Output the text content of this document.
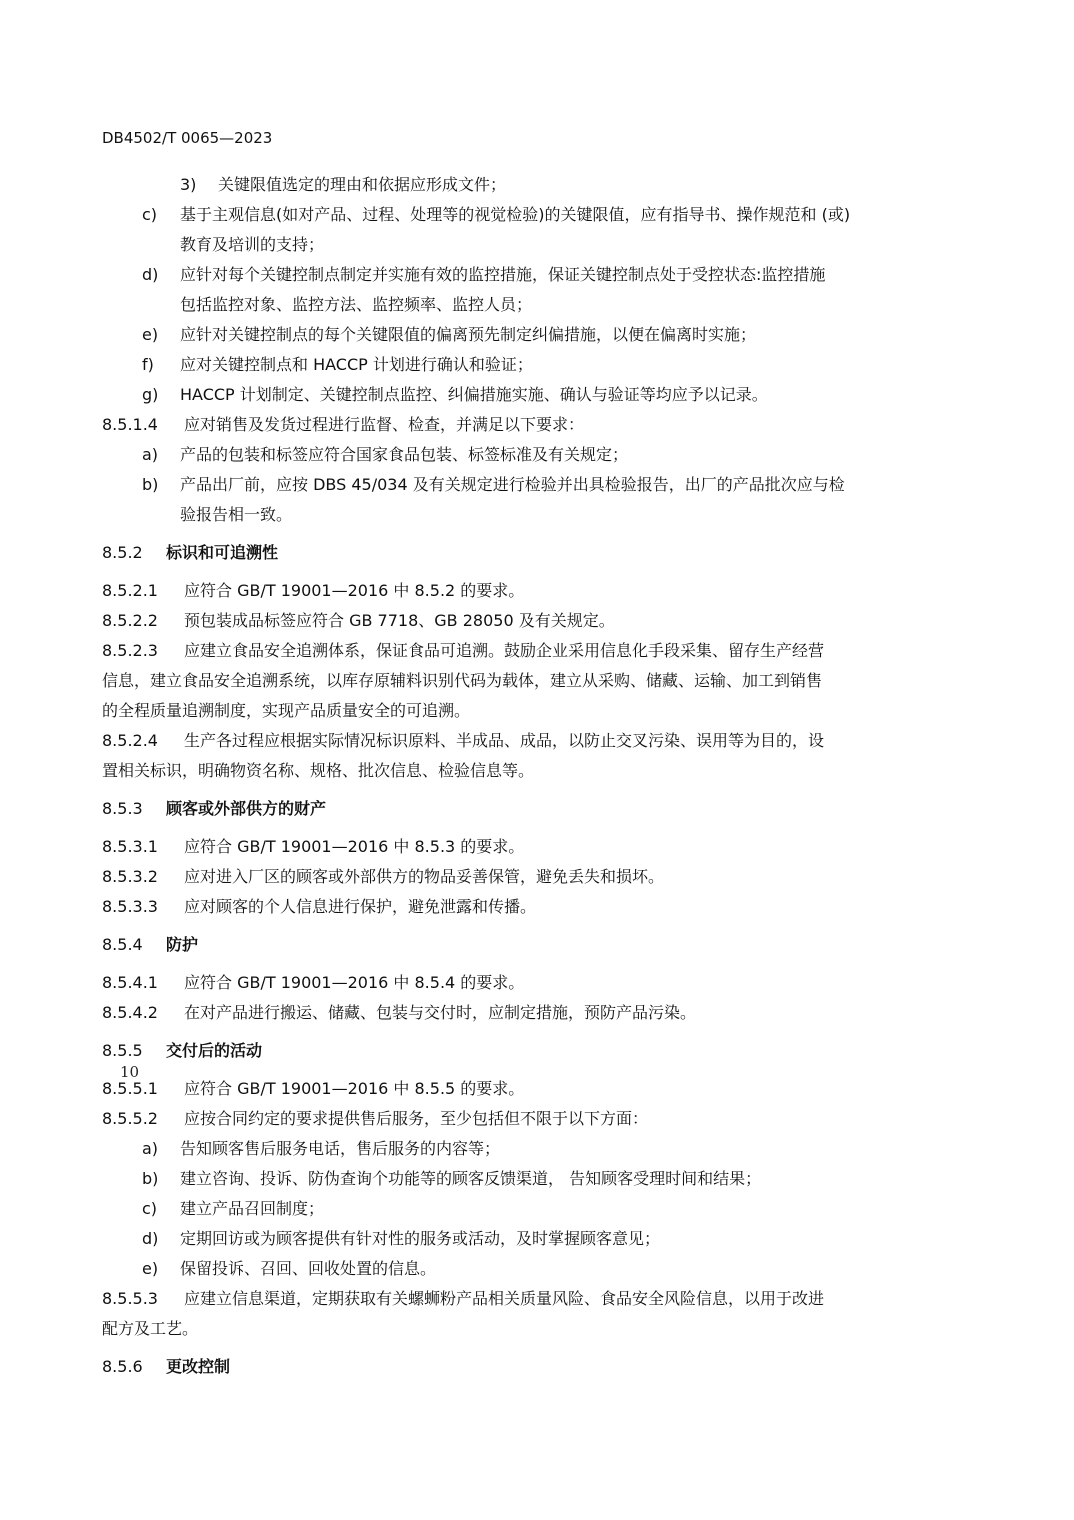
DB4502/T 0065—2023
3) 关键限值选定的理由和依据应形成文件；
c) 基于主观信息(如对产品、过程、处理等的视觉检验)的关键限值，应有指导书、操作规范和 (或)
教育及培训的支持；
d) 应针对每个关键控制点制定并实施有效的监控措施，保证关键控制点处于受控状态:监控措施
包括监控对象、监控方法、监控频率、监控人员；
e) 应针对关键控制点的每个关键限值的偏离预先制定纠偏措施，以便在偏离时实施；
f) 应对关键控制点和 HACCP 计划进行确认和验证；
g) HACCP 计划制定、关键控制点监控、纠偏措施实施、确认与验证等均应予以记录。
8.5.1.4 应对销售及发货过程进行监督、检查，并满足以下要求：
a) 产品的包装和标签应符合国家食品包装、标签标准及有关规定；
b) 产品出厂前，应按 DBS 45/034 及有关规定进行检验并出具检验报告，出厂的产品批次应与检
验报告相一致。
8.5.2 标识和可追溯性
8.5.2.1 应符合 GB/T 19001—2016 中 8.5.2 的要求。
8.5.2.2 预包装成品标签应符合 GB 7718、GB 28050 及有关规定。
8.5.2.3 应建立食品安全追溯体系，保证食品可追溯。鼓励企业采用信息化手段采集、留存生产经营
信息，建立食品安全追溯系统，以库存原辅料识别代码为载体，建立从采购、储藏、运输、加工到销售
的全程质量追溯制度，实现产品质量安全的可追溯。
8.5.2.4 生产各过程应根据实际情况标识原料、半成品、成品，以防止交叉污染、误用等为目的，设
置相关标识，明确物资名称、规格、批次信息、检验信息等。
8.5.3 顾客或外部供方的财产
8.5.3.1 应符合 GB/T 19001—2016 中 8.5.3 的要求。
8.5.3.2 应对进入厂区的顾客或外部供方的物品妥善保管，避免丢失和损坏。
8.5.3.3 应对顾客的个人信息进行保护，避免泄露和传播。
8.5.4 防护
8.5.4.1 应符合 GB/T 19001—2016 中 8.5.4 的要求。
8.5.4.2 在对产品进行搬运、储藏、包装与交付时，应制定措施，预防产品污染。
8.5.5 交付后的活动
8.5.5.1 应符合 GB/T 19001—2016 中 8.5.5 的要求。
8.5.5.2 应按合同约定的要求提供售后服务，至少包括但不限于以下方面：
a) 告知顾客售后服务电话，售后服务的内容等；
b) 建立咨询、投诉、防伪查询个功能等的顾客反馈渠道， 告知顾客受理时间和结果；
c) 建立产品召回制度；
d) 定期回访或为顾客提供有针对性的服务或活动，及时掌握顾客意见；
e) 保留投诉、召回、回收处置的信息。
8.5.5.3 应建立信息渠道，定期获取有关螺蛳粉产品相关质量风险、食品安全风险信息，以用于改进
配方及工艺。
8.5.6 更改控制
10
